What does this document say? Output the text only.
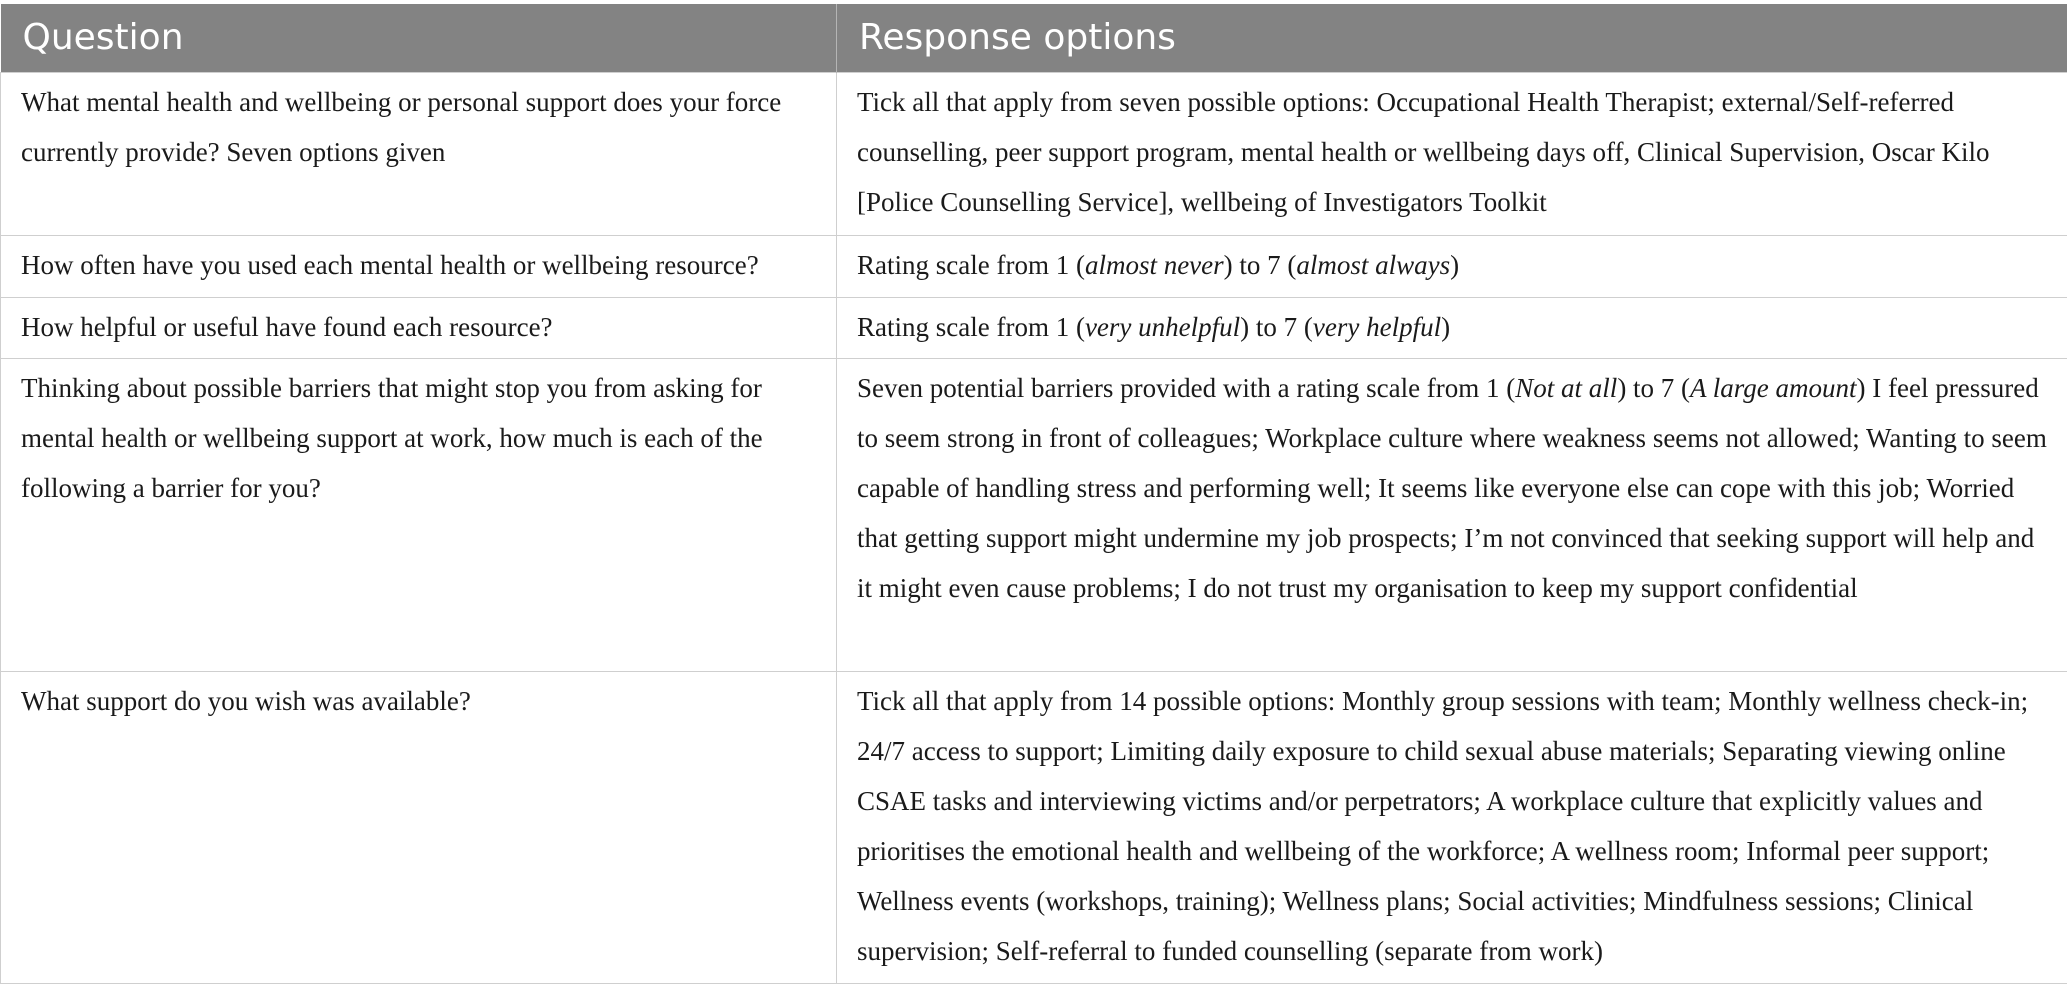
Question	Response options
What mental health and wellbeing or personal support does your force currently provide? Seven options given	Tick all that apply from seven possible options: Occupational Health Therapist; external/Self-referred counselling, peer support program, mental health or wellbeing days off, Clinical Supervision, Oscar Kilo [Police Counselling Service], wellbeing of Investigators Toolkit
How often have you used each mental health or wellbeing resource?	Rating scale from 1 (almost never) to 7 (almost always)
How helpful or useful have found each resource?	Rating scale from 1 (very unhelpful) to 7 (very helpful)
Thinking about possible barriers that might stop you from asking for mental health or wellbeing support at work, how much is each of the following a barrier for you?	Seven potential barriers provided with a rating scale from 1 (Not at all) to 7 (A large amount) I feel pressured to seem strong in front of colleagues; Workplace culture where weakness seems not allowed; Wanting to seem capable of handling stress and performing well; It seems like everyone else can cope with this job; Worried that getting support might undermine my job prospects; I’m not convinced that seeking support will help and it might even cause problems; I do not trust my organisation to keep my support confidential
What support do you wish was available?	Tick all that apply from 14 possible options: Monthly group sessions with team; Monthly wellness check-in; 24/7 access to support; Limiting daily exposure to child sexual abuse materials; Separating viewing online CSAE tasks and interviewing victims and/or perpetrators; A workplace culture that explicitly values and prioritises the emotional health and wellbeing of the workforce; A wellness room; Informal peer support; Wellness events (workshops, training); Wellness plans; Social activities; Mindfulness sessions; Clinical supervision; Self-referral to funded counselling (separate from work)
